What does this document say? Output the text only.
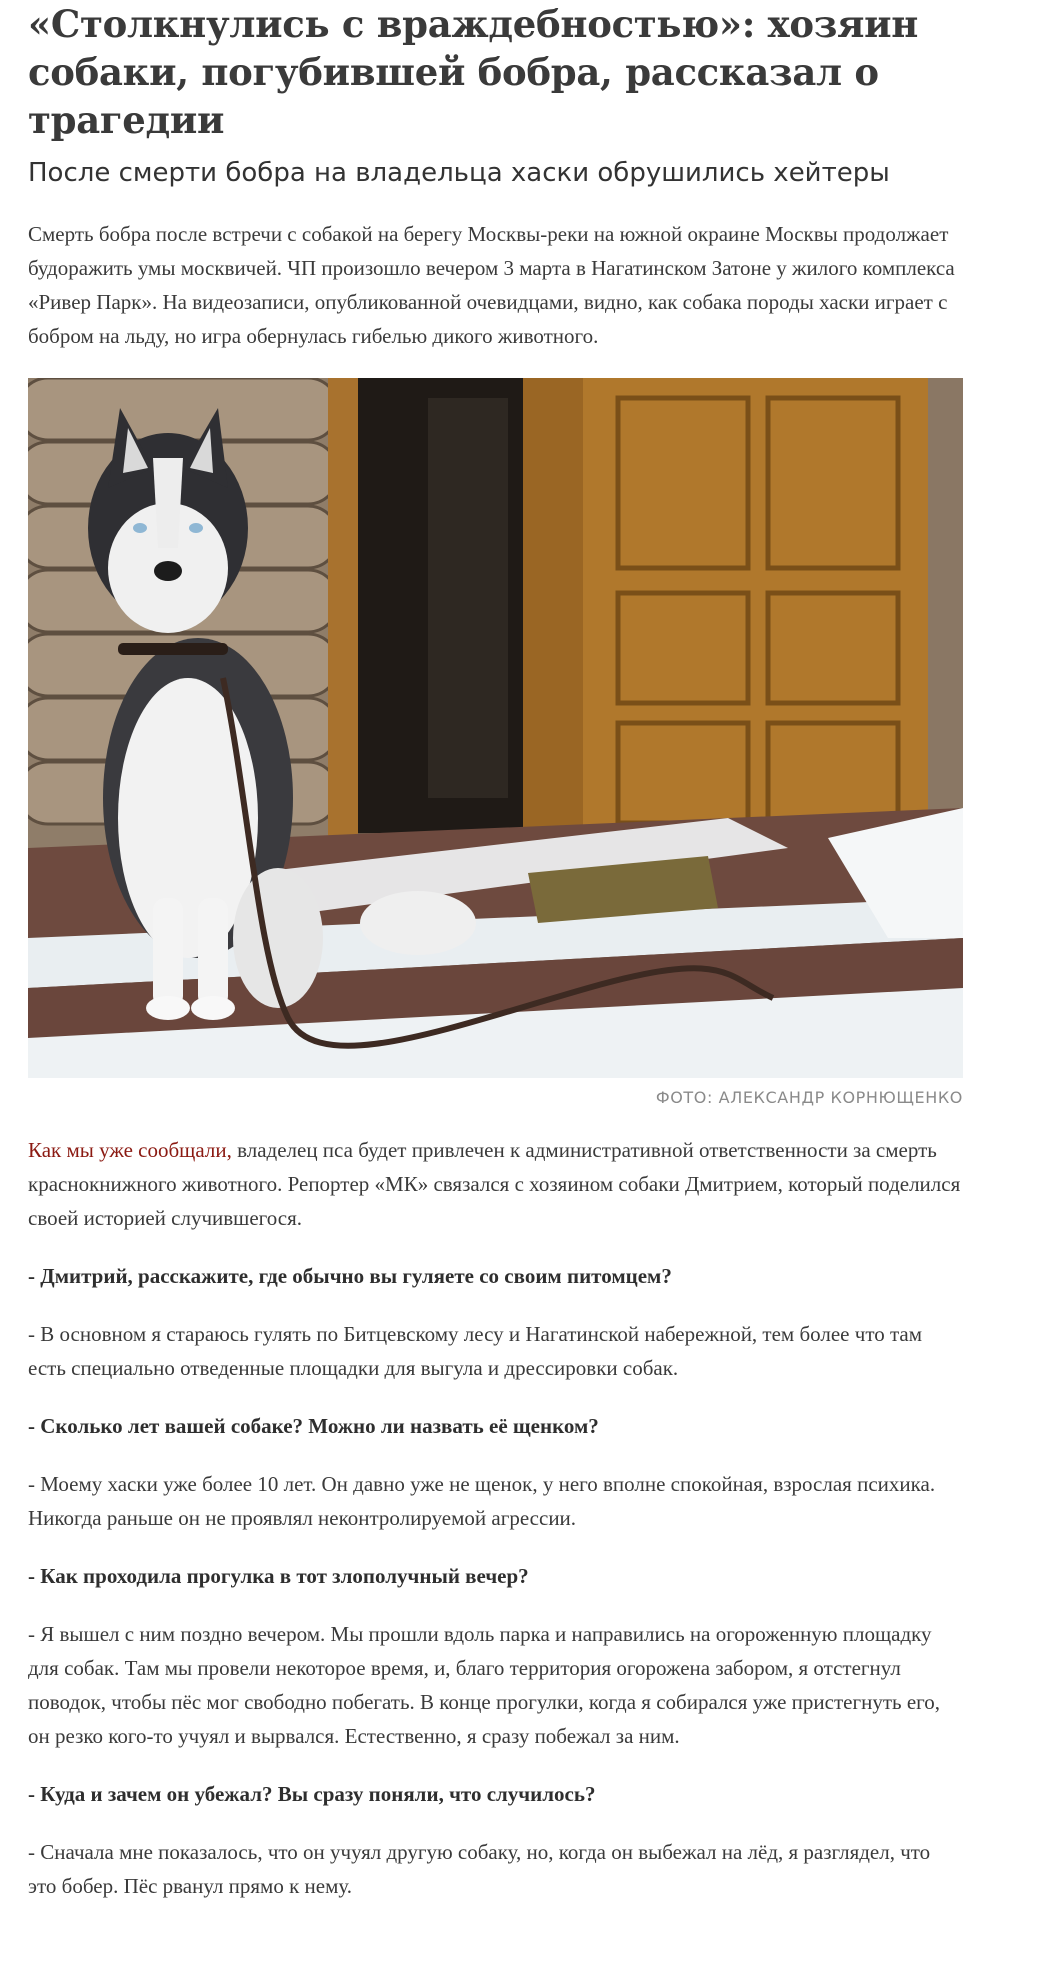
«Столкнулись с враждебностью»: хозяин собаки, погубившей бобра, рассказал о трагедии
После смерти бобра на владельца хаски обрушились хейтеры

Смерть бобра после встречи с собакой на берегу Москвы-реки на южной окраине Москвы продолжает будоражить умы москвичей. ЧП произошло вечером 3 марта в Нагатинском Затоне у жилого комплекса «Ривер Парк». На видеозаписи, опубликованной очевидцами, видно, как собака породы хаски играет с бобром на льду, но игра обернулась гибелью дикого животного.

ФОТО: АЛЕКСАНДР КОРНЮЩЕНКО

Как мы уже сообщали, владелец пса будет привлечен к административной ответственности за смерть краснокнижного животного. Репортер «МК» связался с хозяином собаки Дмитрием, который поделился своей историей случившегося.

- Дмитрий, расскажите, где обычно вы гуляете со своим питомцем?

- В основном я стараюсь гулять по Битцевскому лесу и Нагатинской набережной, тем более что там есть специально отведенные площадки для выгула и дрессировки собак.

- Сколько лет вашей собаке? Можно ли назвать её щенком?

- Моему хаски уже более 10 лет. Он давно уже не щенок, у него вполне спокойная, взрослая психика. Никогда раньше он не проявлял неконтролируемой агрессии.

- Как проходила прогулка в тот злополучный вечер?

- Я вышел с ним поздно вечером. Мы прошли вдоль парка и направились на огороженную площадку для собак. Там мы провели некоторое время, и, благо территория огорожена забором, я отстегнул поводок, чтобы пёс мог свободно побегать. В конце прогулки, когда я собирался уже пристегнуть его, он резко кого-то учуял и вырвался. Естественно, я сразу побежал за ним.

- Куда и зачем он убежал? Вы сразу поняли, что случилось?

- Сначала мне показалось, что он учуял другую собаку, но, когда он выбежал на лёд, я разглядел, что это бобер. Пёс рванул прямо к нему.
